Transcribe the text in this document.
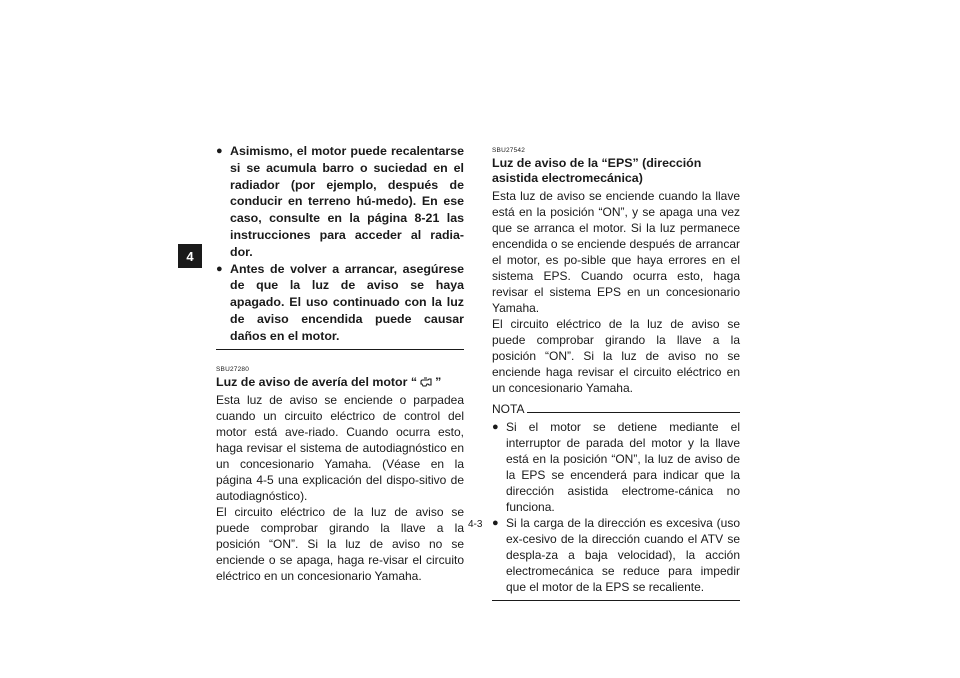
4
● Asimismo, el motor puede recalentarse si se acumula barro o suciedad en el radiador (por ejemplo, después de conducir en terreno hú-medo). En ese caso, consulte en la página 8-21 las instrucciones para acceder al radia-dor.
● Antes de volver a arrancar, asegúrese de que la luz de aviso se haya apagado. El uso continuado con la luz de aviso encendida puede causar daños en el motor.
SBU27280
Luz de aviso de avería del motor “ ”

Esta luz de aviso se enciende o parpadea cuando un circuito eléctrico de control del motor está ave-riado. Cuando ocurra esto, haga revisar el sistema de autodiagnóstico en un concesionario Yamaha. (Véase en la página 4-5 una explicación del dispo-sitivo de autodiagnóstico).

El circuito eléctrico de la luz de aviso se puede comprobar girando la llave a la posición “ON”. Si la luz de aviso no se enciende o se apaga, haga re-visar el circuito eléctrico en un concesionario Yamaha.

SBU27542
Luz de aviso de la “EPS” (dirección asistida electromecánica)

Esta luz de aviso se enciende cuando la llave está en la posición “ON”, y se apaga una vez que se arranca el motor. Si la luz permanece encendida o se enciende después de arrancar el motor, es po-sible que haya errores en el sistema EPS. Cuando ocurra esto, haga revisar el sistema EPS en un concesionario Yamaha.

El circuito eléctrico de la luz de aviso se puede comprobar girando la llave a la posición “ON”. Si la luz de aviso no se enciende haga revisar el circuito eléctrico en un concesionario Yamaha.

NOTA
● Si el motor se detiene mediante el interruptor de parada del motor y la llave está en la posición “ON”, la luz de aviso de la EPS se encenderá para indicar que la dirección asistida electrome-cánica no funciona.
● Si la carga de la dirección es excesiva (uso ex-cesivo de la dirección cuando el ATV se despla-za a baja velocidad), la acción electromecánica se reduce para impedir que el motor de la EPS se recaliente.
4-3
